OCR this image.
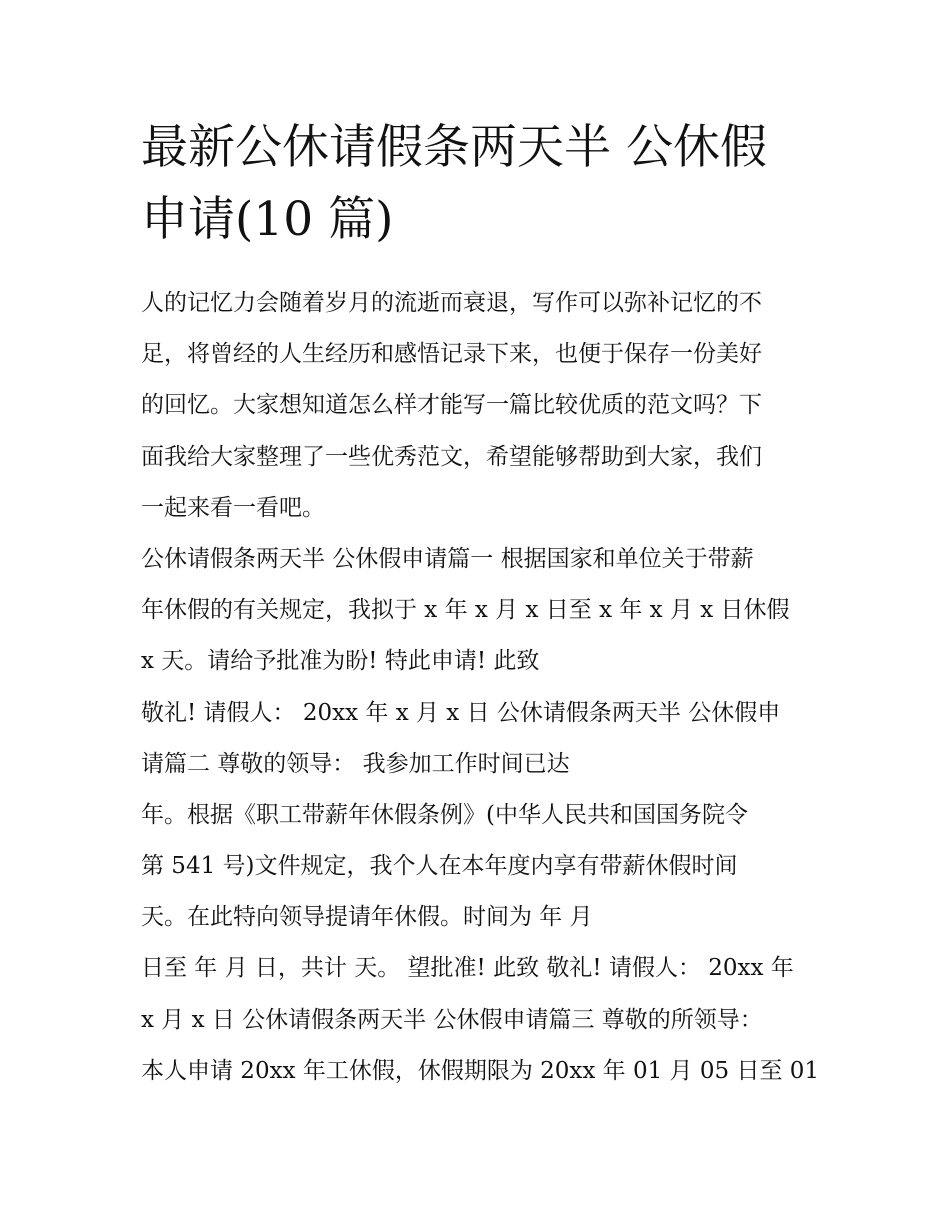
最新公休请假条两天半 公休假
申请(10 篇)
人的记忆力会随着岁月的流逝而衰退，写作可以弥补记忆的不
足，将曾经的人生经历和感悟记录下来，也便于保存一份美好
的回忆。大家想知道怎么样才能写一篇比较优质的范文吗？下
面我给大家整理了一些优秀范文，希望能够帮助到大家，我们
一起来看一看吧。
公休请假条两天半 公休假申请篇一 根据国家和单位关于带薪
年休假的有关规定，我拟于 x 年 x 月 x 日至 x 年 x 月 x 日休假
x 天。请给予批准为盼! 特此申请! 此致
敬礼! 请假人： 20xx 年 x 月 x 日 公休请假条两天半 公休假申
请篇二 尊敬的领导： 我参加工作时间已达
年。根据《职工带薪年休假条例》(中华人民共和国国务院令
第 541 号)文件规定，我个人在本年度内享有带薪休假时间
天。在此特向领导提请年休假。时间为 年 月
日至 年 月 日，共计 天。 望批准! 此致 敬礼! 请假人： 20xx 年
x 月 x 日 公休请假条两天半 公休假申请篇三 尊敬的所领导：
本人申请 20xx 年工休假，休假期限为 20xx 年 01 月 05 日至 01
